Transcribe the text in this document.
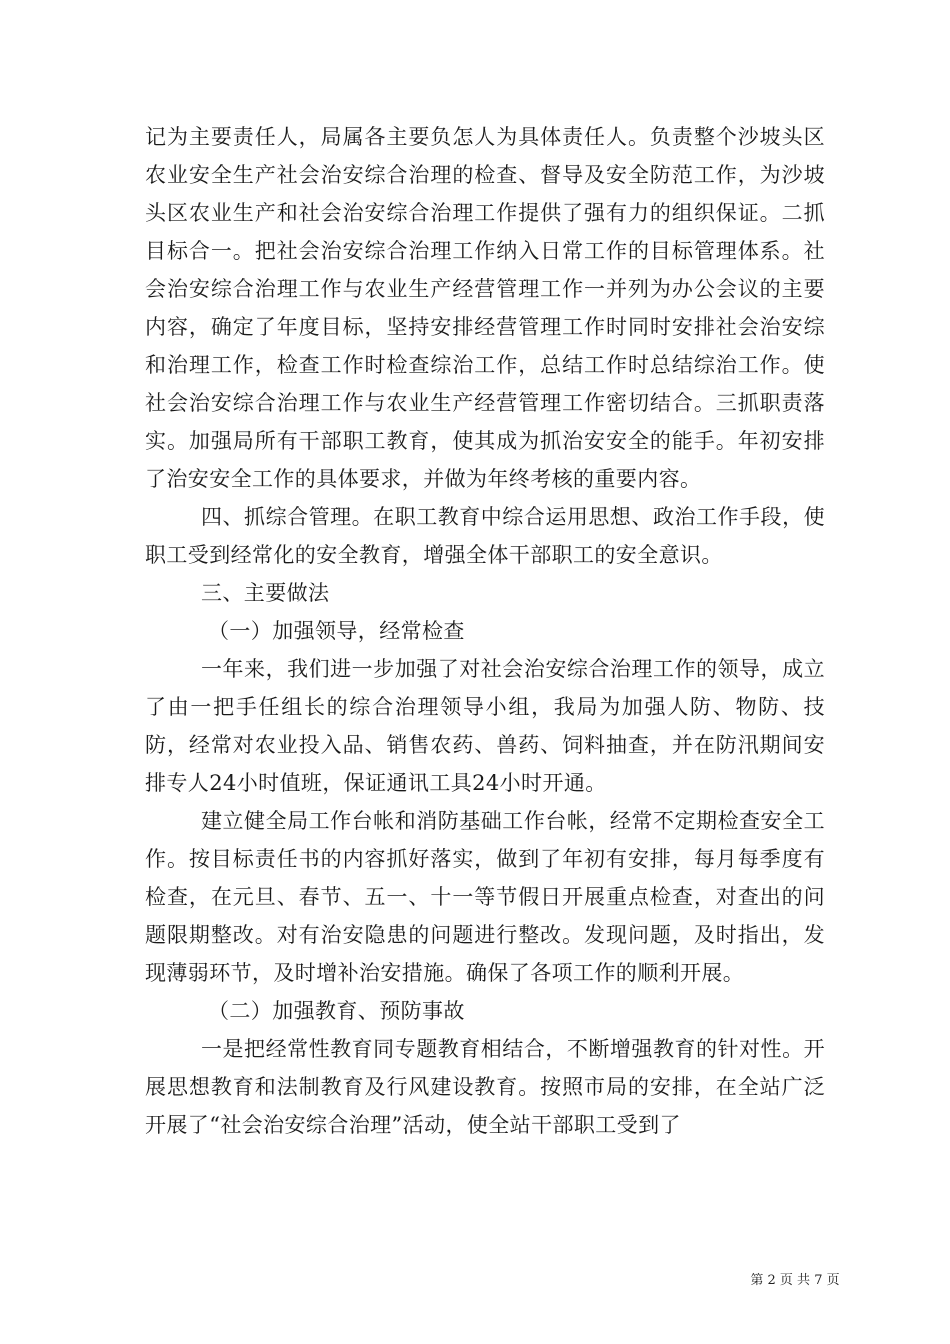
记为主要责任人，局属各主要负怎人为具体责任人。负责整个沙坡头区农业安全生产社会治安综合治理的检查、督导及安全防范工作，为沙坡头区农业生产和社会治安综合治理工作提供了强有力的组织保证。二抓目标合一。把社会治安综合治理工作纳入日常工作的目标管理体系。社会治安综合治理工作与农业生产经营管理工作一并列为办公会议的主要内容，确定了年度目标，坚持安排经营管理工作时同时安排社会治安综和治理工作，检查工作时检查综治工作，总结工作时总结综治工作。使社会治安综合治理工作与农业生产经营管理工作密切结合。三抓职责落实。加强局所有干部职工教育，使其成为抓治安安全的能手。年初安排了治安安全工作的具体要求，并做为年终考核的重要内容。

四、抓综合管理。在职工教育中综合运用思想、政治工作手段，使职工受到经常化的安全教育，增强全体干部职工的安全意识。

三、主要做法

（一）加强领导，经常检查

一年来，我们进一步加强了对社会治安综合治理工作的领导，成立了由一把手任组长的综合治理领导小组，我局为加强人防、物防、技防，经常对农业投入品、销售农药、兽药、饲料抽查，并在防汛期间安排专人24小时值班，保证通讯工具24小时开通。

建立健全局工作台帐和消防基础工作台帐，经常不定期检查安全工作。按目标责任书的内容抓好落实，做到了年初有安排，每月每季度有检查，在元旦、春节、五一、十一等节假日开展重点检查，对查出的问题限期整改。对有治安隐患的问题进行整改。发现问题，及时指出，发现薄弱环节，及时增补治安措施。确保了各项工作的顺利开展。

（二）加强教育、预防事故

一是把经常性教育同专题教育相结合，不断增强教育的针对性。开展思想教育和法制教育及行风建设教育。按照市局的安排，在全站广泛开展了“社会治安综合治理”活动，使全站干部职工受到了

第 2 页 共 7 页
